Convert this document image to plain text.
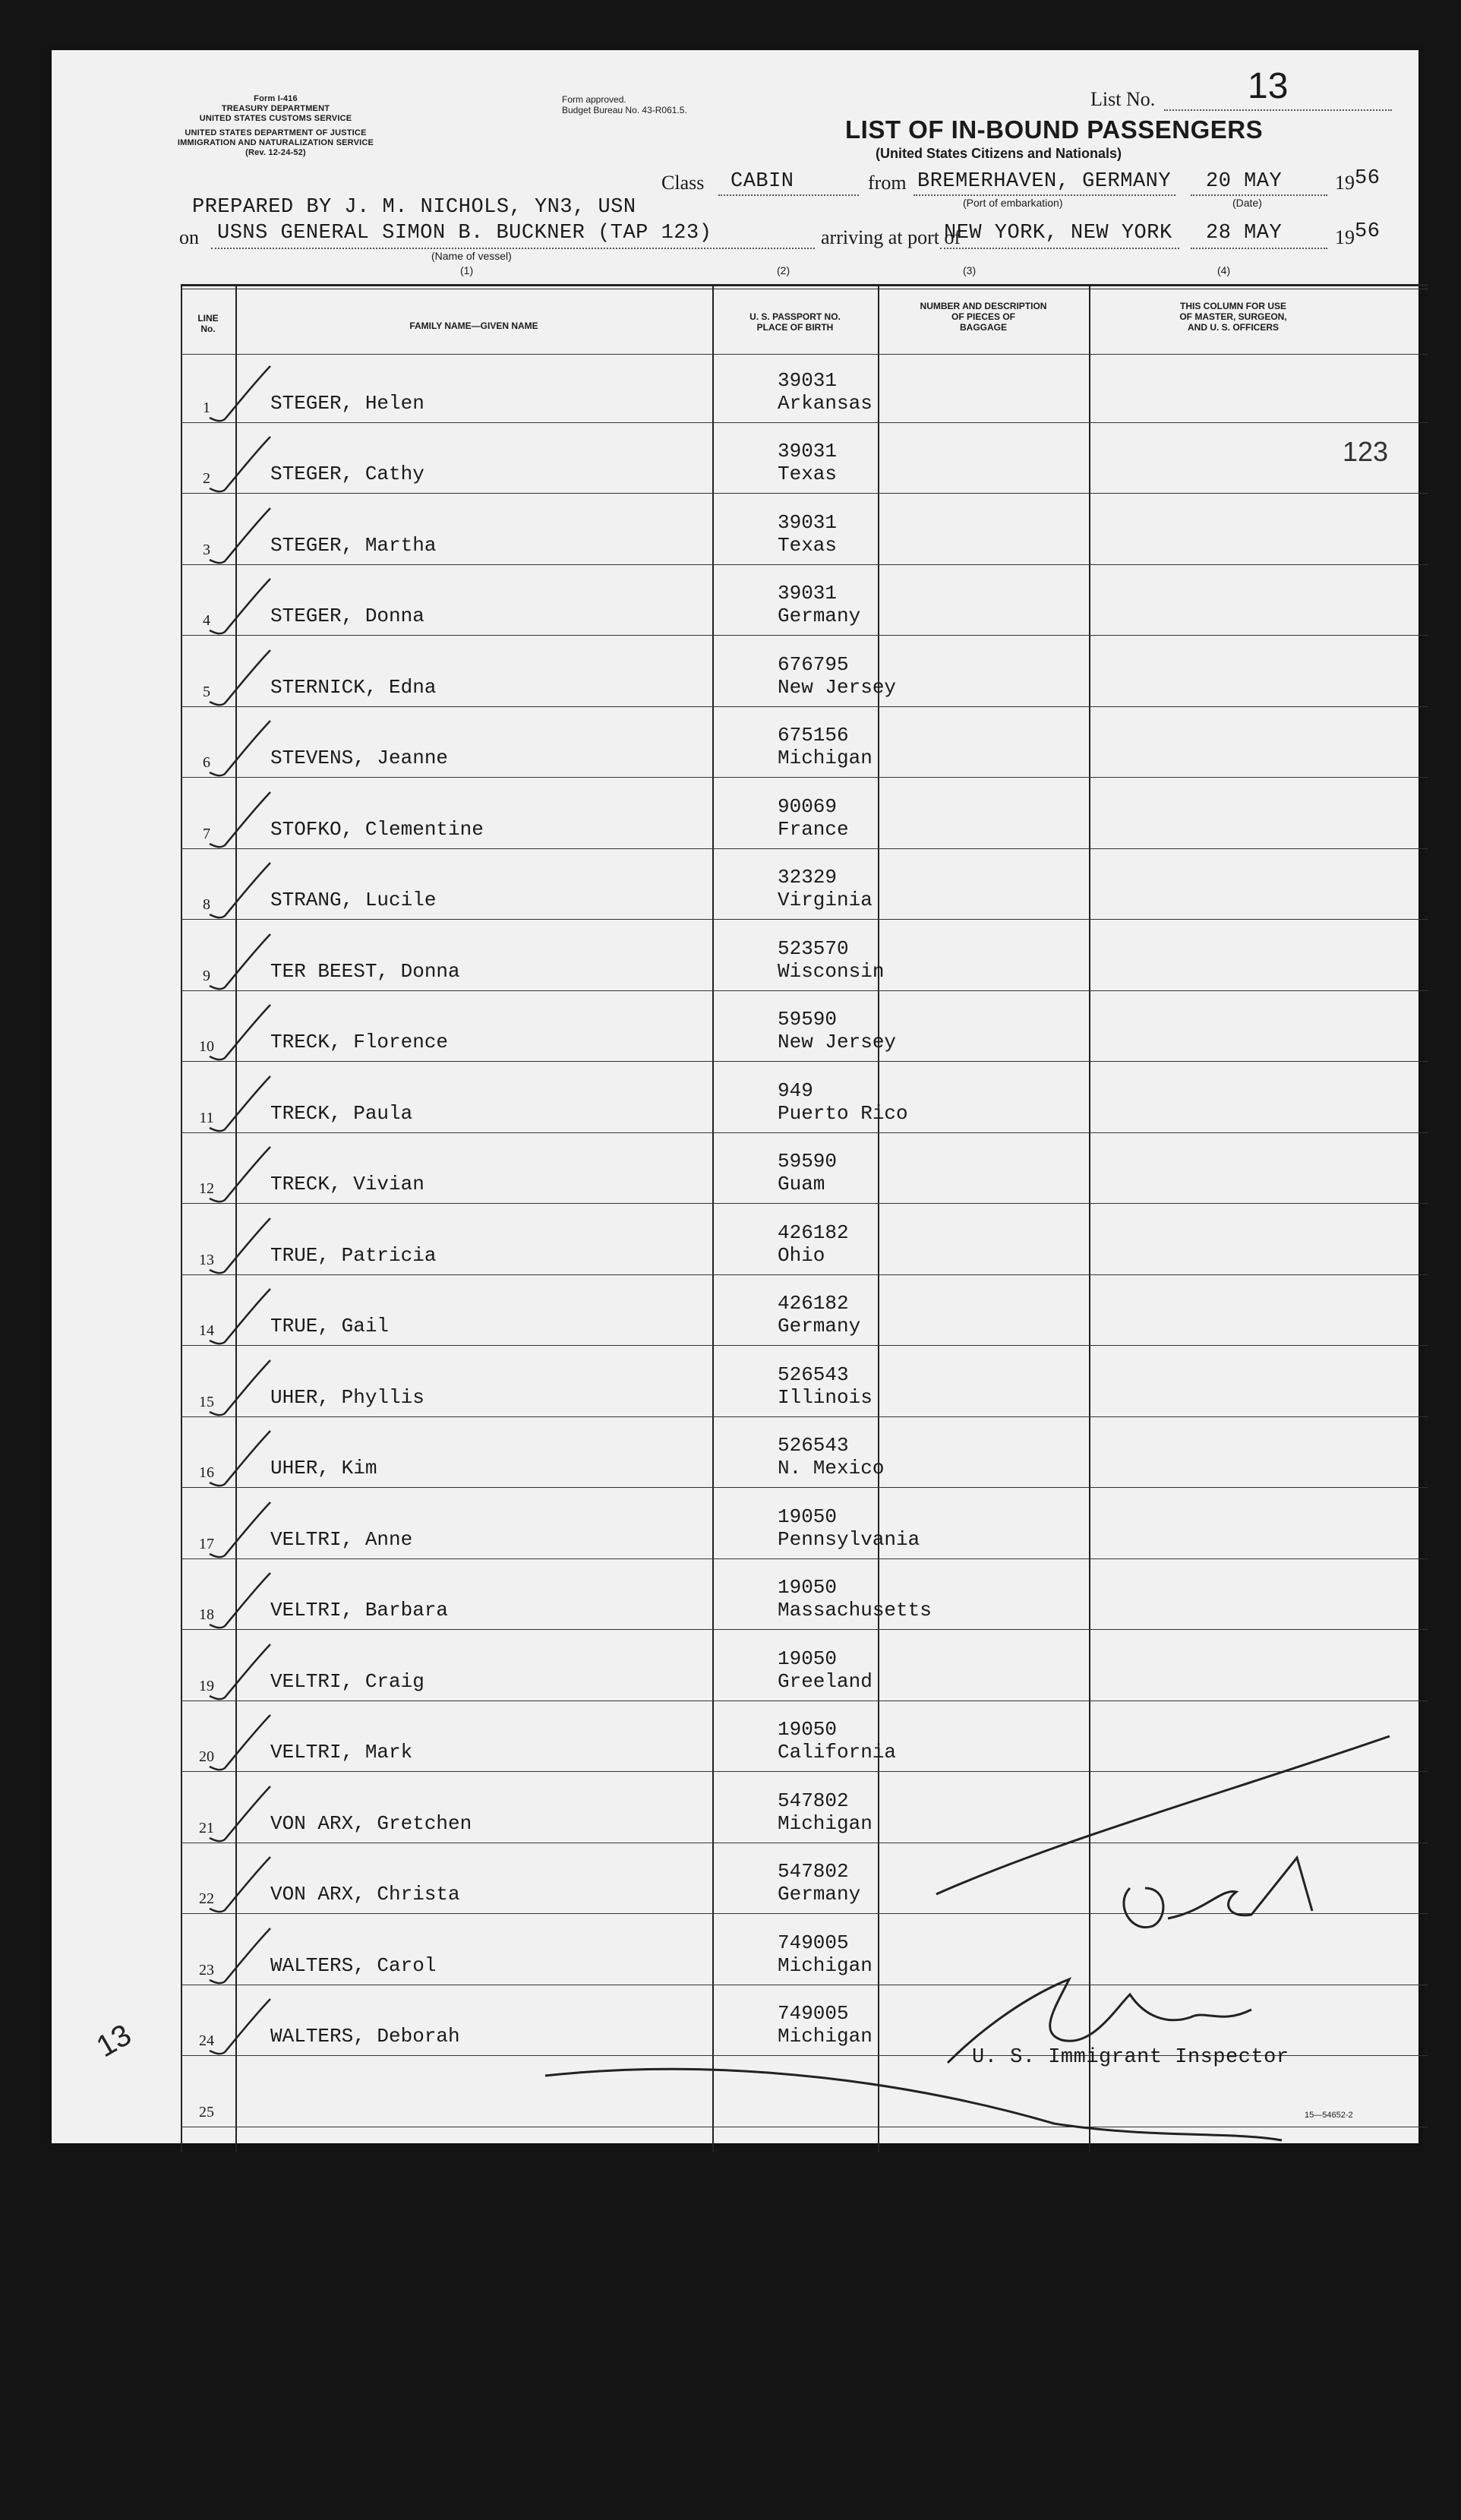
Form I-416
TREASURY DEPARTMENT
UNITED STATES CUSTOMS SERVICE
UNITED STATES DEPARTMENT OF JUSTICE
IMMIGRATION AND NATURALIZATION SERVICE
(Rev. 12-24-52)
Form approved.
Budget Bureau No. 43-R061.5.	List No.	13
LIST OF IN-BOUND PASSENGERS
(United States Citizens and Nationals)
Class CABIN	from BREMERHAVEN, GERMANY
(Port of embarkation)
20 MAY
(Date)
19 56
PREPARED BY J. M. NICHOLS, YN3, USN
on USNS GENERAL SIMON B. BUCKNER (TAP 123)
(Name of vessel)
arriving at port of
NEW YORK, NEW YORK 28 MAY	19 56
(1)	(2)	(3)	(4)
LINE
No.	FAMILY NAME—GIVEN NAME
U. S. PASSPORT NO.
PLACE OF BIRTH
NUMBER AND DESCRIPTION
OF PIECES OF
BAGGAGE
THIS COLUMN FOR USE
OF MASTER, SURGEON,
AND U. S. OFFICERS
123
1	STEGER, Helen
39031
Arkansas
2	STEGER, Cathy
39031
Texas
3	STEGER, Martha
39031
Texas
4	STEGER, Donna
39031
Germany
5	STERNICK, Edna
676795
New Jersey
6	STEVENS, Jeanne
675156
Michigan
7	STOFKO, Clementine
90069
France
8	STRANG, Lucile
32329
Virginia
9	TER BEEST, Donna
523570
Wisconsin
10	TRECK, Florence
59590
New Jersey
11	TRECK, Paula
949
Puerto Rico
12	TRECK, Vivian
59590
Guam
13	TRUE, Patricia
426182
Ohio
14	TRUE, Gail
426182
Germany
15	UHER, Phyllis
526543
Illinois
16	UHER, Kim
526543
N. Mexico
17	VELTRI, Anne
19050
Pennsylvania
18	VELTRI, Barbara
19050
Massachusetts
19	VELTRI, Craig
19050
Greeland
20	VELTRI, Mark
19050
California
21	VON ARX, Gretchen
547802
Michigan
22	VON ARX, Christa
547802
Germany
23	WALTERS, Carol
749005
Michigan
24	WALTERS, Deborah
749005
Michigan
25
U. S. Immigrant Inspector
15—54652-2
13
